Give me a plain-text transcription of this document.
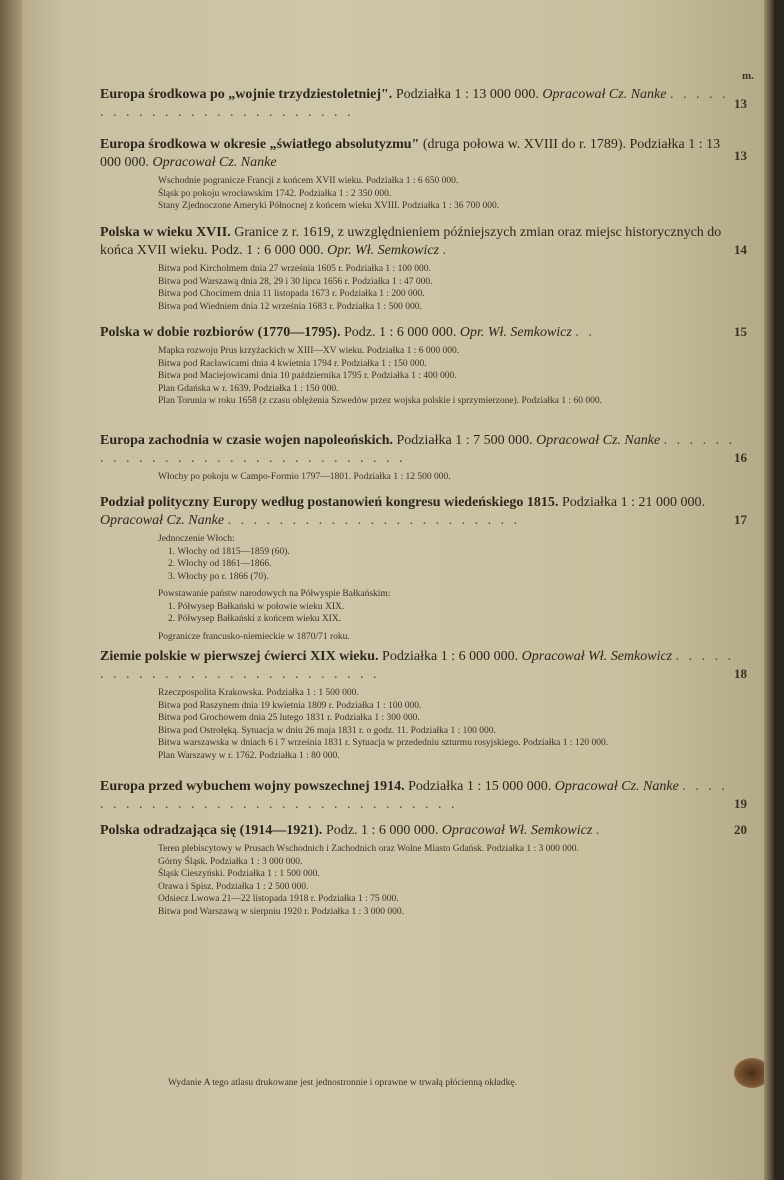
m.
Europa środkowa po „wojnie trzydziestoletniej". Podziałka 1 : 13 000 000. Opracował Cz. Nanke . . . . . . . . . . . . . . . . . . . . . . . . .
13
Europa środkowa w okresie „światłego absolutyzmu" (druga połowa w. XVIII do r. 1789). Podziałka 1 : 13 000 000. Opracował Cz. Nanke	13
Wschodnie pogranicze Francji z końcem XVII wieku. Podziałka 1 : 6 650 000.
Śląsk po pokoju wrocławskim 1742. Podziałka 1 : 2 350 000.
Stany Zjednoczone Ameryki Północnej z końcem wieku XVIII. Podziałka 1 : 36 700 000.
Polska w wieku XVII. Granice z r. 1619, z uwzględnieniem późniejszych zmian oraz miejsc historycznych do końca XVII wieku. Podz. 1 : 6 000 000. Opr. Wł. Semkowicz .	14
Bitwa pod Kircholmem dnia 27 września 1605 r. Podziałka 1 : 100 000.
Bitwa pod Warszawą dnia 28, 29 i 30 lipca 1656 r. Podziałka 1 : 47 000.
Bitwa pod Chocimem dnia 11 listopada 1673 r. Podziałka 1 : 200 000.
Bitwa pod Wiedniem dnia 12 września 1683 r. Podziałka 1 : 500 000.
Polska w dobie rozbiorów (1770—1795). Podz. 1 : 6 000 000. Opr. Wł. Semkowicz . .	15
Mapka rozwoju Prus krzyżackich w XIII—XV wieku. Podziałka 1 : 6 000 000.
Bitwa pod Racławicami dnia 4 kwietnia 1794 r. Podziałka 1 : 150 000.
Bitwa pod Maciejowicami dnia 10 października 1795 r. Podziałka 1 : 400 000.
Plan Gdańska w r. 1639. Podziałka 1 : 150 000.
Plan Torunia w roku 1658 (z czasu oblężenia Szwedów przez wojska polskie i sprzymierzone). Podziałka 1 : 60 000.
Europa zachodnia w czasie wojen napoleońskich. Podziałka 1 : 7 500 000. Opracował Cz. Nanke . . . . . . . . . . . . . . . . . . . . . . . . . . . . . .	16
Włochy po pokoju w Campo-Formio 1797—1801. Podziałka 1 : 12 500 000.
Podział polityczny Europy według postanowień kongresu wiedeńskiego 1815. Podziałka 1 : 21 000 000. Opracował Cz. Nanke . . . . . . . . . . . . . . . . . . . . . . .	17
Jednoczenie Włoch:
1. Włochy od 1815—1859 (60).
2. Włochy od 1861—1866.
3. Włochy po r. 1866 (70).
Powstawanie państw narodowych na Półwyspie Bałkańskim:
1. Półwysep Bałkański w połowie wieku XIX.
2. Półwysep Bałkański z końcem wieku XIX.
Pogranicze francusko-niemieckie w 1870/71 roku.
Ziemie polskie w pierwszej ćwierci XIX wieku. Podziałka 1 : 6 000 000. Opracował Wł. Semkowicz . . . . . . . . . . . . . . . . . . . . . . . . . . .	18
Rzeczpospolita Krakowska. Podziałka 1 : 1 500 000.
Bitwa pod Raszynem dnia 19 kwietnia 1809 r. Podziałka 1 : 100 000.
Bitwa pod Grochowem dnia 25 lutego 1831 r. Podziałka 1 : 300 000.
Bitwa pod Ostrołęką. Sytuacja w dniu 26 maja 1831 r. o godz. 11. Podziałka 1 : 100 000.
Bitwa warszawska w dniach 6 i 7 września 1831 r. Sytuacja w przededniu szturmu rosyjskiego. Podziałka 1 : 120 000.
Plan Warszawy w r. 1762. Podziałka 1 : 80 000.
Europa przed wybuchem wojny powszechnej 1914. Podziałka 1 : 15 000 000. Opracował Cz. Nanke . . . . . . . . . . . . . . . . . . . . . . . . . . . . . . . .	19
Polska odradzająca się (1914—1921). Podz. 1 : 6 000 000. Opracował Wł. Semkowicz .	20
Teren plebiscytowy w Prusach Wschodnich i Zachodnich oraz Wolne Miasto Gdańsk. Podziałka 1 : 3 000 000.
Górny Śląsk. Podziałka 1 : 3 000 000.
Śląsk Cieszyński. Podziałka 1 : 1 500 000.
Orawa i Spisz. Podziałka 1 : 2 500 000.
Odsiecz Lwowa 21—22 listopada 1918 r. Podziałka 1 : 75 000.
Bitwa pod Warszawą w sierpniu 1920 r. Podziałka 1 : 3 000 000.
Wydanie A tego atlasu drukowane jest jednostronnie i oprawne w trwałą płócienną okładkę.
